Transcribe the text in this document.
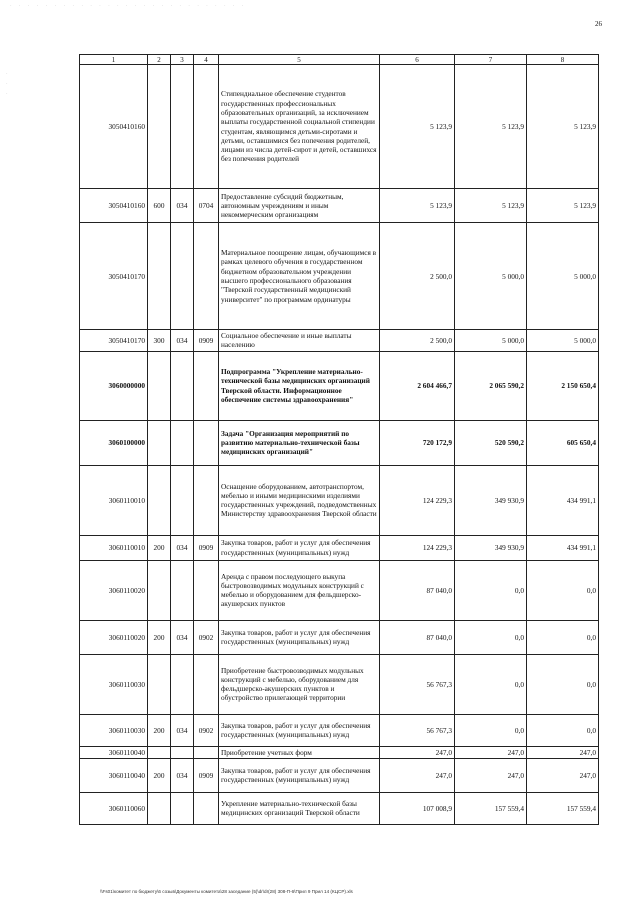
· · · · · · · · · · · · · · · · · · · · · · · · · · ·
·
·
·
26
1	2	3	4	5	6	7	8
3050410160				Стипендиальное обеспечение студентов государственных профессиональных образовательных организаций, за исключением выплаты государственной социальной стипендии студентам, являющимся детьми-сиротами и детьми, оставшимися без попечения родителей, лицами из числа детей-сирот и детей, оставшихся без попечения родителей	5 123,9	5 123,9	5 123,9
3050410160	600	034	0704	Предоставление субсидий бюджетным, автономным учреждениям и иным некоммерческим организациям	5 123,9	5 123,9	5 123,9
3050410170				Материальное поощрение лицам, обучающимся в рамках целевого обучения в государственном бюджетном образовательном учреждении высшего профессионального образования "Тверской государственный медицинский университет" по программам ординатуры	2 500,0	5 000,0	5 000,0
3050410170	300	034	0909	Социальное обеспечение и иные выплаты населению	2 500,0	5 000,0	5 000,0
3060000000				Подпрограмма "Укрепление материально-технической базы медицинских организаций Тверской области. Информационное обеспечение системы здравоохранения"	2 604 466,7	2 065 590,2	2 150 650,4
3060100000				Задача "Организация мероприятий по развитию материально-технической базы медицинских организаций"	720 172,9	520 590,2	605 650,4
3060110010				Оснащение оборудованием, автотранспортом, мебелью и иными медицинскими изделиями государственных учреждений, подведомственных Министерству здравоохранения Тверской области	124 229,3	349 930,9	434 991,1
3060110010	200	034	0909	Закупка товаров, работ и услуг для обеспечения государственных (муниципальных) нужд	124 229,3	349 930,9	434 991,1
3060110020				Аренда с правом последующего выкупа быстровозводимых модульных конструкций с мебелью и оборудованием для фельдшерско-акушерских пунктов	87 040,0	0,0	0,0
3060110020	200	034	0902	Закупка товаров, работ и услуг для обеспечения государственных (муниципальных) нужд	87 040,0	0,0	0,0
3060110030				Приобретение быстровозводимых модульных конструкций с мебелью, оборудованием для фельдшерско-акушерских пунктов и обустройство прилегающей территории	56 767,3	0,0	0,0
3060110030	200	034	0902	Закупка товаров, работ и услуг для обеспечения государственных (муниципальных) нужд	56 767,3	0,0	0,0
3060110040				Приобретение учетных форм	247,0	247,0	247,0
3060110040	200	034	0909	Закупка товаров, работ и услуг для обеспечения государственных (муниципальных) нужд	247,0	247,0	247,0
3060110060				Укрепление материально-технической базы медицинских организаций Тверской области	107 008,9	157 559,4	157 559,4
\\Fs01\комитет по бюджету\6 созыв\Документы комитета\28 заседание (5)\dr\dr(28) 308-П-6\Прил 9 Прил 14 (КЦСР).xls
